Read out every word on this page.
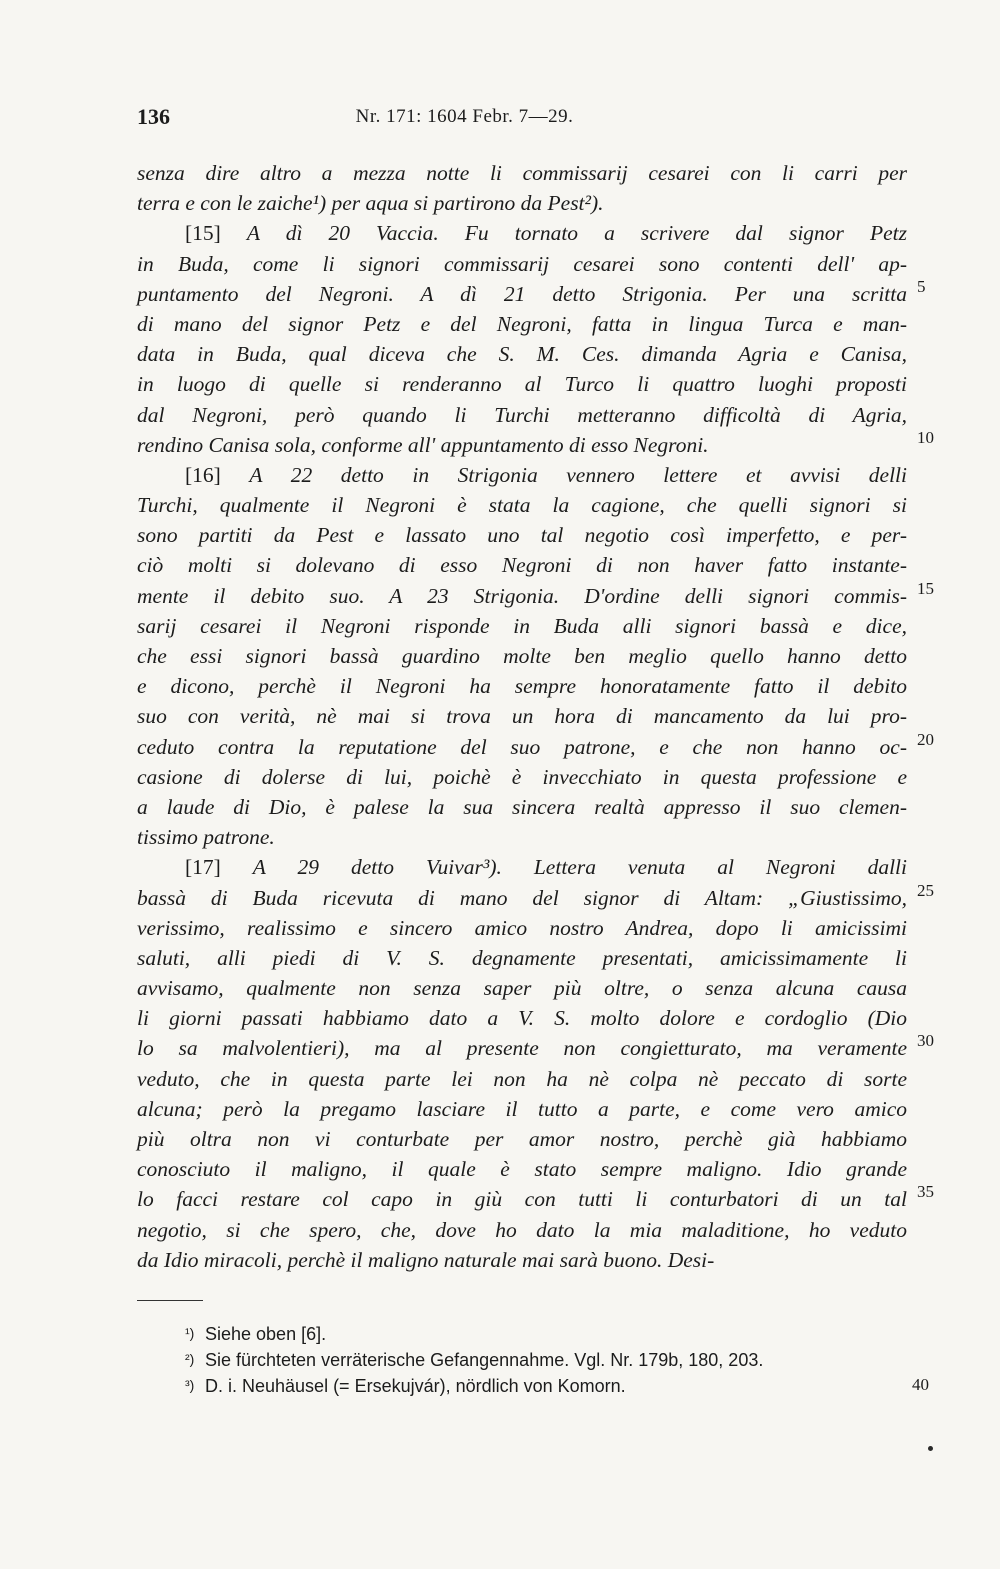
136	Nr. 171: 1604 Febr. 7—29.
senza dire altro a mezza notte li commissarij cesarei con li carri per
terra e con le zaiche¹) per aqua si partirono da Pest²).
[15] A dì 20 Vaccia. Fu tornato a scrivere dal signor Petz
in Buda, come li signori commissarij cesarei sono contenti dell' ap-
puntamento del Negroni. A dì 21 detto Strigonia. Per una scritta 5
di mano del signor Petz e del Negroni, fatta in lingua Turca e man-
data in Buda, qual diceva che S. M. Ces. dimanda Agria e Canisa,
in luogo di quelle si renderanno al Turco li quattro luoghi proposti
dal Negroni, però quando li Turchi metteranno difficoltà di Agria,
rendino Canisa sola, conforme all' appuntamento di esso Negroni.	10
[16] A 22 detto in Strigonia vennero lettere et avvisi delli
Turchi, qualmente il Negroni è stata la cagione, che quelli signori si
sono partiti da Pest e lassato uno tal negotio così imperfetto, e per-
ciò molti si dolevano di esso Negroni di non haver fatto instante-
mente il debito suo. A 23 Strigonia. D'ordine delli signori commis- 15
sarij cesarei il Negroni risponde in Buda alli signori bassà e dice,
che essi signori bassà guardino molte ben meglio quello hanno detto
e dicono, perchè il Negroni ha sempre honoratamente fatto il debito
suo con verità, nè mai si trova un hora di mancamento da lui pro-
ceduto contra la reputatione del suo patrone, e che non hanno oc- 20
casione di dolerse di lui, poichè è invecchiato in questa professione e
a laude di Dio, è palese la sua sincera realtà appresso il suo clemen-
tissimo patrone.
[17] A 29 detto Vuivar³). Lettera venuta al Negroni dalli
bassà di Buda ricevuta di mano del signor di Altam: „Giustissimo, 25
verissimo, realissimo e sincero amico nostro Andrea, dopo li amicissimi
saluti, alli piedi di V. S. degnamente presentati, amicissimamente li
avvisamo, qualmente non senza saper più oltre, o senza alcuna causa
li giorni passati habbiamo dato a V. S. molto dolore e cordoglio (Dio
lo sa malvolentieri), ma al presente non congietturato, ma veramente 30
veduto, che in questa parte lei non ha nè colpa nè peccato di sorte
alcuna; però la pregamo lasciare il tutto a parte, e come vero amico
più oltra non vi conturbate per amor nostro, perchè già habbiamo
conosciuto il maligno, il quale è stato sempre maligno. Idio grande
lo facci restare col capo in giù con tutti li conturbatori di un tal 35
negotio, si che spero, che, dove ho dato la mia maladitione, ho veduto
da Idio miracoli, perchè il maligno naturale mai sarà buono. Desi-
¹) Siehe oben [6].
²) Sie fürchteten verräterische Gefangennahme. Vgl. Nr. 179b, 180, 203.
³) D. i. Neuhäusel (= Ersekujvár), nördlich von Komorn.	40
